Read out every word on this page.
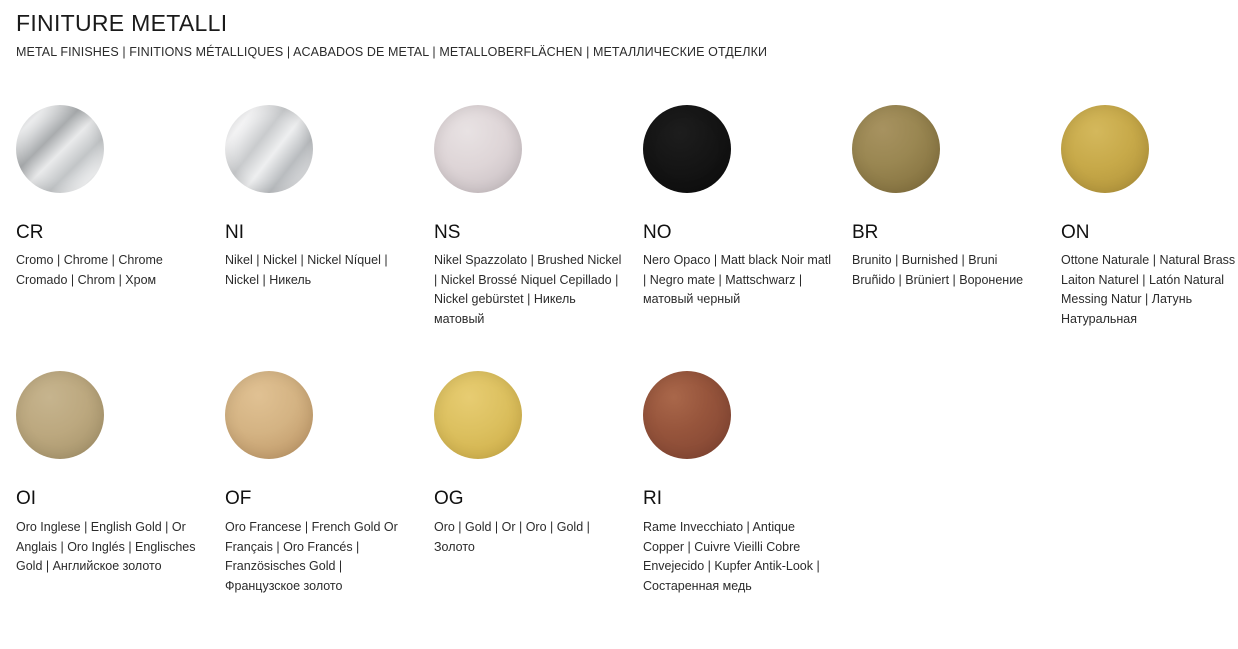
FINITURE METALLI
METAL FINISHES | FINITIONS MÉTALLIQUES | ACABADOS DE METAL | METALLOBERFLÄCHEN | МЕТАЛЛИЧЕСКИЕ ОТДЕЛКИ
CR
Cromo | Chrome | Chrome Cromado | Chrom | Хром
NI
Nikel | Nickel | Nickel Níquel | Nickel | Никель
NS
Nikel Spazzolato | Brushed Nickel | Nickel Brossé Niquel Cepillado | Nickel gebürstet | Никель матовый
NO
Nero Opaco | Matt black Noir matl | Negro mate | Mattschwarz | матовый черный
BR
Brunito | Burnished | Bruni Bruñido | Brüniert | Воронение
ON
Ottone Naturale | Natural Brass Laiton Naturel | Latón Natural Messing Natur | Латунь Натуральная
OI
Oro Inglese | English Gold | Or Anglais | Oro Inglés | Englisches Gold | Английское золото
OF
Oro Francese | French Gold Or Français | Oro Francés | Französisches Gold | Французское золото
OG
Oro | Gold | Or | Oro | Gold | Золото
RI
Rame Invecchiato | Antique Copper | Cuivre Vieilli Cobre Envejecido | Kupfer Antik-Look | Состаренная медь
